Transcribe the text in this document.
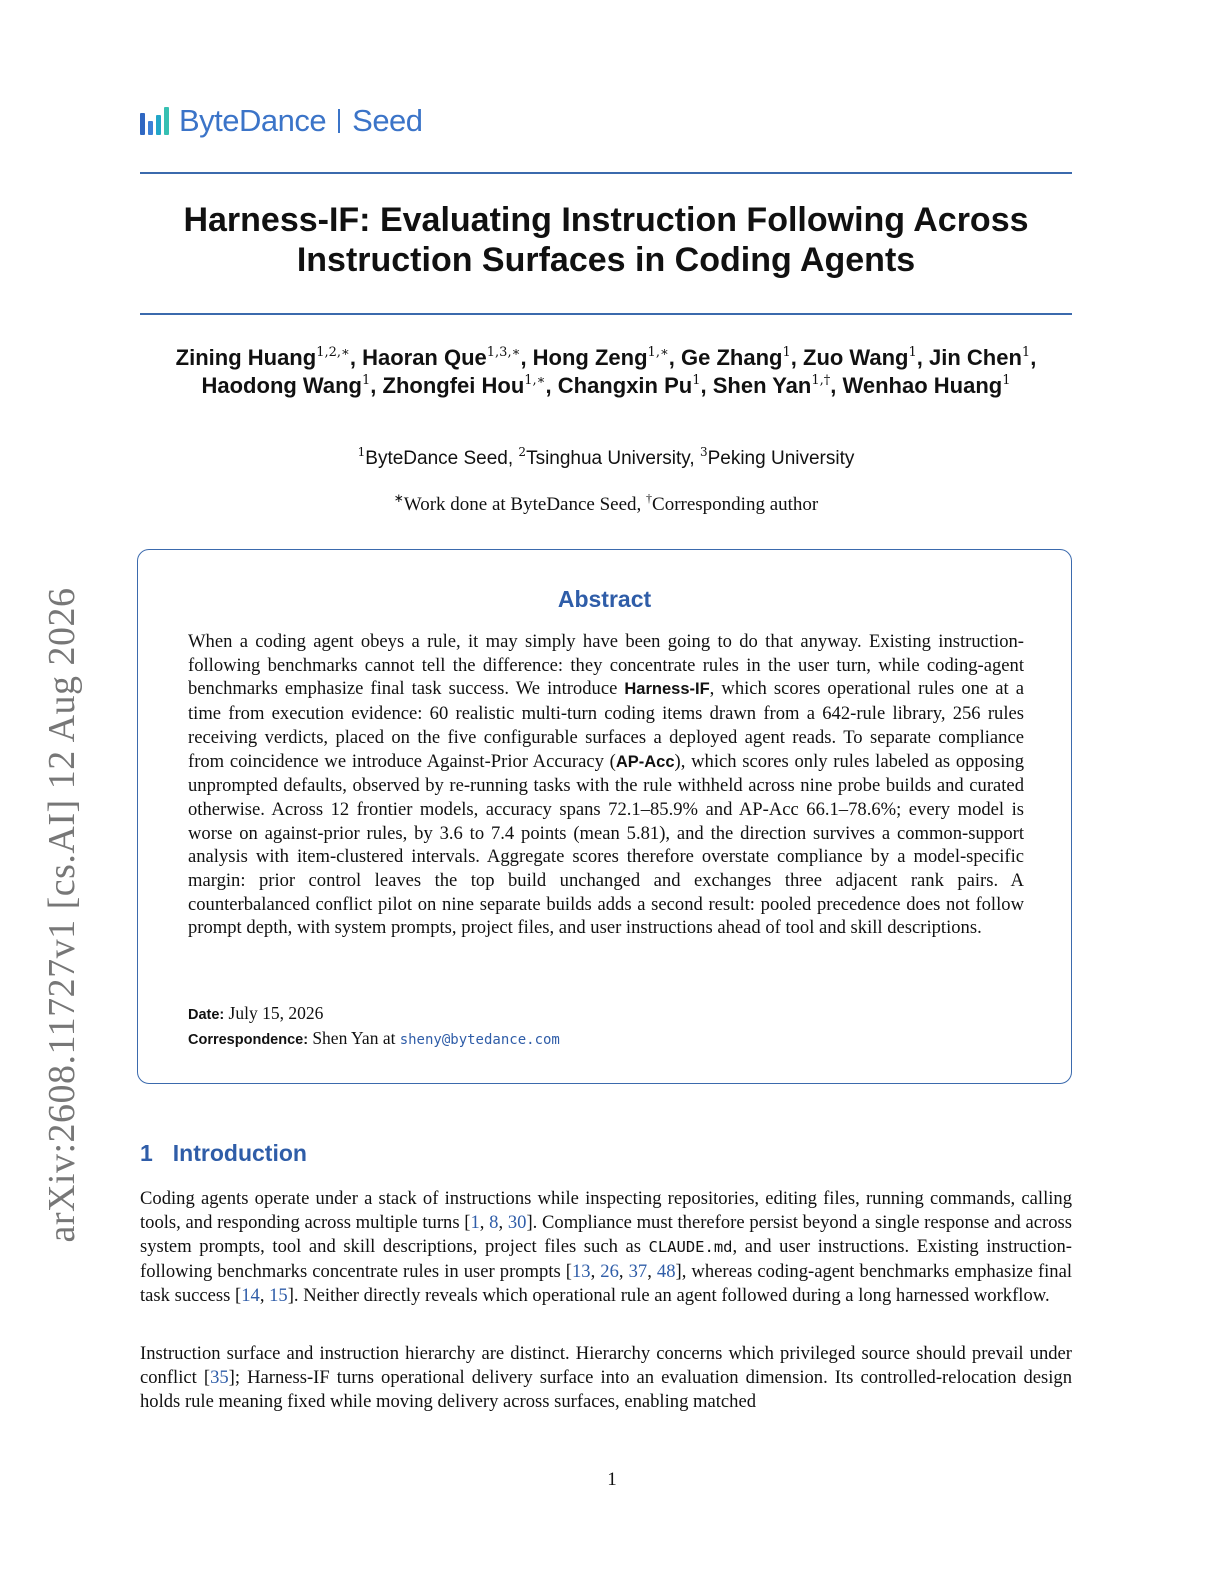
arXiv:2608.11727v1 [cs.AI] 12 Aug 2026
ByteDance Seed
Harness-IF: Evaluating Instruction Following Across
Instruction Surfaces in Coding Agents
Zining Huang$^{1,2,∗}$, Haoran Que$^{1,3,∗}$, Hong Zeng$^{1,∗}$, Ge Zhang$^1$, Zuo Wang$^1$, Jin Chen$^1$, Haodong Wang$^1$, Zhongfei Hou$^{1,∗}$, Changxin Pu$^1$, Shen Yan$^{1,\dagger}$, Wenhao Huang$^1$
$^1$ByteDance Seed, $^2$Tsinghua University, $^3$Peking University
∗Work done at ByteDance Seed, †Corresponding author
Abstract
When a coding agent obeys a rule, it may simply have been going to do that anyway. Existing instruction-following benchmarks cannot tell the difference: they concentrate rules in the user turn, while coding-agent benchmarks emphasize final task success. We introduce Harness-IF, which scores operational rules one at a time from execution evidence: 60 realistic multi-turn coding items drawn from a 642-rule library, 256 rules receiving verdicts, placed on the five configurable surfaces a deployed agent reads. To separate compliance from coincidence we introduce Against-Prior Accuracy (AP-Acc), which scores only rules labeled as opposing unprompted defaults, observed by re-running tasks with the rule withheld across nine probe builds and curated otherwise. Across 12 frontier models, accuracy spans 72.1–85.9% and AP-Acc 66.1–78.6%; every model is worse on against-prior rules, by 3.6 to 7.4 points (mean 5.81), and the direction survives a common-support analysis with item-clustered intervals. Aggregate scores therefore overstate compliance by a model-specific margin: prior control leaves the top build unchanged and exchanges three adjacent rank pairs. A counterbalanced conflict pilot on nine separate builds adds a second result: pooled precedence does not follow prompt depth, with system prompts, project files, and user instructions ahead of tool and skill descriptions.
Date: July 15, 2026
Correspondence: Shen Yan at sheny@bytedance.com
1 Introduction
Coding agents operate under a stack of instructions while inspecting repositories, editing files, running commands, calling tools, and responding across multiple turns [1, 8, 30]. Compliance must therefore persist beyond a single response and across system prompts, tool and skill descriptions, project files such as CLAUDE.md, and user instructions. Existing instruction-following benchmarks concentrate rules in user prompts [13, 26, 37, 48], whereas coding-agent benchmarks emphasize final task success [14, 15]. Neither directly reveals which operational rule an agent followed during a long harnessed workflow.
Instruction surface and instruction hierarchy are distinct. Hierarchy concerns which privileged source should prevail under conflict [35]; Harness-IF turns operational delivery surface into an evaluation dimension. Its controlled-relocation design holds rule meaning fixed while moving delivery across surfaces, enabling matched
1
